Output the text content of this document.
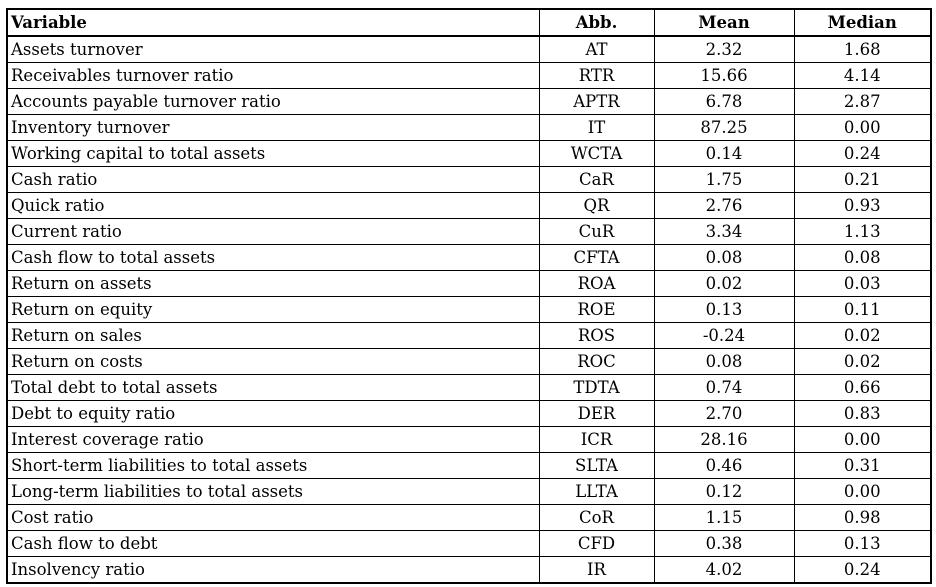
Variable	Abb.	Mean	Median
Assets turnover	AT	2.32	1.68
Receivables turnover ratio	RTR	15.66	4.14
Accounts payable turnover ratio	APTR	6.78	2.87
Inventory turnover	IT	87.25	0.00
Working capital to total assets	WCTA	0.14	0.24
Cash ratio	CaR	1.75	0.21
Quick ratio	QR	2.76	0.93
Current ratio	CuR	3.34	1.13
Cash flow to total assets	CFTA	0.08	0.08
Return on assets	ROA	0.02	0.03
Return on equity	ROE	0.13	0.11
Return on sales	ROS	-0.24	0.02
Return on costs	ROC	0.08	0.02
Total debt to total assets	TDTA	0.74	0.66
Debt to equity ratio	DER	2.70	0.83
Interest coverage ratio	ICR	28.16	0.00
Short-term liabilities to total assets	SLTA	0.46	0.31
Long-term liabilities to total assets	LLTA	0.12	0.00
Cost ratio	CoR	1.15	0.98
Cash flow to debt	CFD	0.38	0.13
Insolvency ratio	IR	4.02	0.24
